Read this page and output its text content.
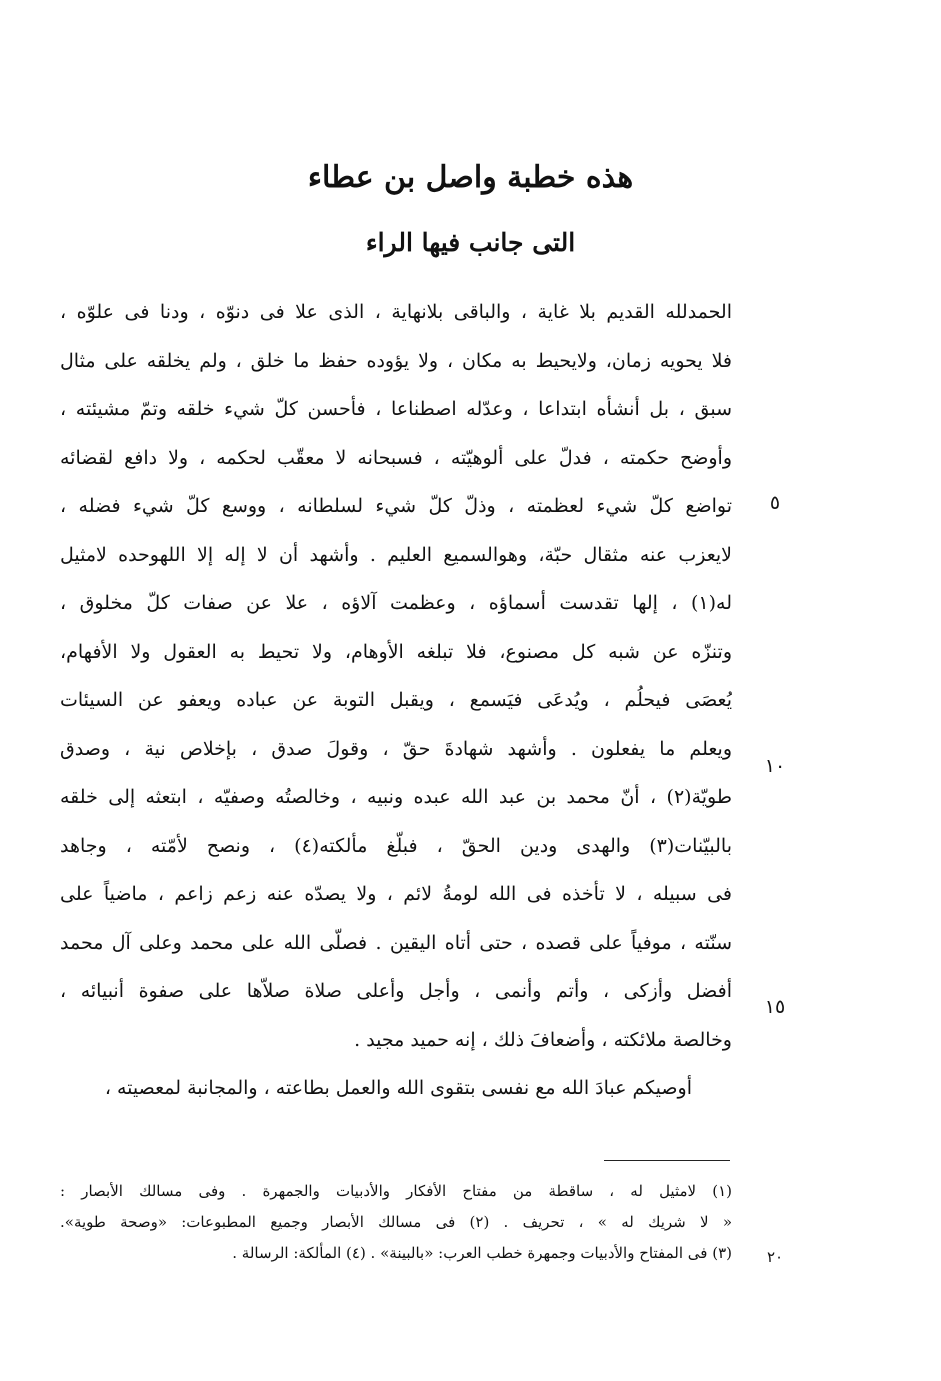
هذه خطبة واصل بن عطاء
التى جانب فيها الراء
الحمدلله القديم بلا غاية ، والباقى بلانهاية ، الذى علا فى دنوّه ، ودنا فى علوّه ،
فلا يحويه زمان، ولايحيط به مكان ، ولا يؤوده حفظ ما خلق ، ولم يخلقه على مثال
سبق ، بل أنشأه ابتداعا ، وعدّله اصطناعا ، فأحسن كلّ شيء خلقه وتمّ مشيئته ،
وأوضح حكمته ، فدلّ على ألوهيّته ، فسبحانه لا معقّب لحكمه ، ولا دافع لقضائه
تواضع كلّ شيء لعظمته ، وذلّ كلّ شيء لسلطانه ، ووسع كلّ شيء فضله ،
لايعزب عنه مثقال حبّة، وهوالسميع العليم . وأشهد أن لا إله إلا اللهوحده لامثيل
له(١) ، إلها تقدست أسماؤه ، وعظمت آلاؤه ، علا عن صفات كلّ مخلوق ،
وتنزّه عن شبه كل مصنوع، فلا تبلغه الأوهام، ولا تحيط به العقول ولا الأفهام،
يُعصَى فيحلُم ، ويُدعَى فيَسمع ، ويقبل التوبة عن عباده ويعفو عن السيئات
ويعلم ما يفعلون . وأشهد شهادةَ حقّ ، وقولَ صدق ، بإخلاص نية ، وصدق
طويّة(٢) ، أنّ محمد بن عبد الله عبده ونبيه ، وخالصتُه وصفيّه ، ابتعثه إلى خلقه
بالبيّنات(٣) والهدى ودين الحقّ ، فبلّغ مألكته(٤) ، ونصح لأمّته ، وجاهد
فى سبيله ، لا تأخذه فى الله لومةُ لائم ، ولا يصدّه عنه زعم زاعم ، ماضياً على
سنّته ، موفياً على قصده ، حتى أتاه اليقين . فصلّى الله على محمد وعلى آل محمد
أفضل وأزكى ، وأتم وأنمى ، وأجل وأعلى صلاة صلاّها على صفوة أنبيائه ،
وخالصة ملائكته ، وأضعافَ ذلك ، إنه حميد مجيد .
أوصيكم عبادَ الله مع نفسى بتقوى الله والعمل بطاعته ، والمجانبة لمعصيته ،
٥
١٠
١٥
(١) لامثيل له ، ساقطة من مفتاح الأفكار والأدبيات والجمهرة . وفى مسالك الأبصار :
« لا شريك له » ، تحريف . (٢) فى مسالك الأبصار وجميع المطبوعات: «وصحة طوية».
(٣) فى المفتاح والأدبيات وجمهرة خطب العرب: «بالبينة» . (٤) المألكة: الرسالة .	٢٠
